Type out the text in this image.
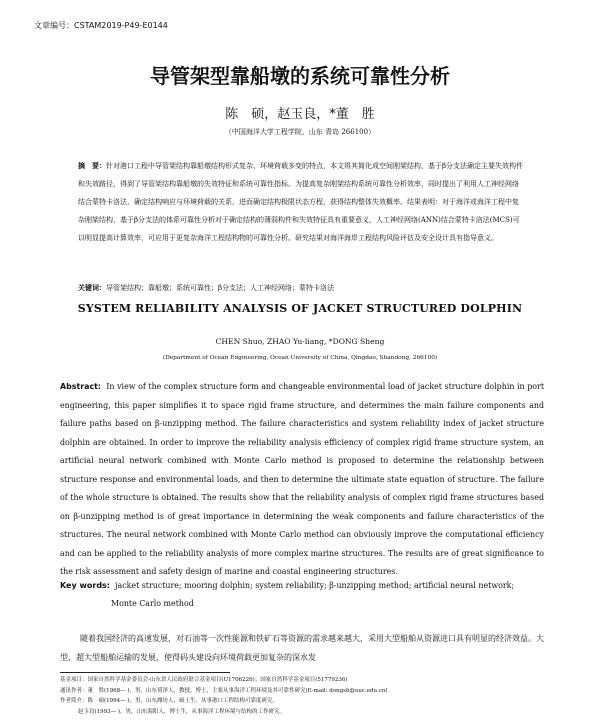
文章编号：CSTAM2019-P49-E0144
导管架型靠船墩的系统可靠性分析
陈　硕，赵玉良，*董　胜
（中国海洋大学工程学院，山东 青岛 266100）
摘　要：针对港口工程中导管架结构靠船墩结构形式复杂、环境荷载多变的特点，本文将其简化成空间刚架结构，基于β分支法确定主要失效构件和失效路径，得到了导管架结构靠船墩的失效特征和系统可靠性指标。为提高复杂刚架结构系统可靠性分析效率，同时提出了利用人工神经网络结合蒙特卡洛法，确定结构响应与环境荷载的关系，进而确定结构极限状态方程，获得结构整体失效概率。结果表明：对于海洋或海洋工程中复杂刚架结构，基于β分支法的体系可靠性分析对于确定结构的薄弱构件和失效特征具有重要意义，人工神经网络(ANN)结合蒙特卡洛法(MCS)可以明显提高计算效率，可应用于更复杂海洋工程结构物的可靠性分析。研究结果对海洋海岸工程结构风险评估及安全设计具有指导意义。
关键词：导管架结构；靠船墩；系统可靠性；β分支法；人工神经网络；蒙特卡洛法
SYSTEM RELIABILITY ANALYSIS OF JACKET STRUCTURED DOLPHIN
CHEN Shuo, ZHAO Yu-liang, *DONG Sheng
(Department of Ocean Engineering, Ocean University of China, Qingdao, Shandong, 266100)
Abstract: In view of the complex structure form and changeable environmental load of jacket structure dolphin in port engineering, this paper simplifies it to space rigid frame structure, and determines the main failure components and failure paths based on β-unzipping method. The failure characteristics and system reliability index of jacket structure dolphin are obtained. In order to improve the reliability analysis efficiency of complex rigid frame structure system, an artificial neural network combined with Monte Carlo method is proposed to determine the relationship between structure response and environmental loads, and then to determine the ultimate state equation of structure. The failure of the whole structure is obtained. The results show that the reliability analysis of complex rigid frame structures based on β-unzipping method is of great importance in determining the weak components and failure characteristics of the structures. The neural network combined with Monte Carlo method can obviously improve the computational efficiency and can be applied to the reliability analysis of more complex marine structures. The results are of great significance to the risk assessment and safety design of marine and coastal engineering structures.
Key words: jacket structure; mooring dolphin; system reliability; β-unzipping method; artificial neural network;
Monte Carlo method
随着我国经济的高速发展，对石油等一次性能源和铁矿石等资源的需求越来越大，采用大型船舶从资源进口具有明显的经济效益。大型、超大型船舶运输的发展，使得码头建设向环境荷载更加复杂的深水发
基金项目：国家自然科学基金委员会-山东省人民政府联合基金项目(U1706226)；国家自然科学基金项目(51779236)
通讯作者：董　胜(1968— )，男，山东荷泽人，教授，博士，主要从事海洋工程环境及其可靠性研究(E-mail: dongsh@ouc.edu.cn)
作者简介：陈　硕(1994— )，男，山东潍坊人，硕士生，从事港口工程结构可靠度研究。
赵玉良(1993— )，男，山东海阳人，博士生，从事海洋工程环境与结构的工作研究。
